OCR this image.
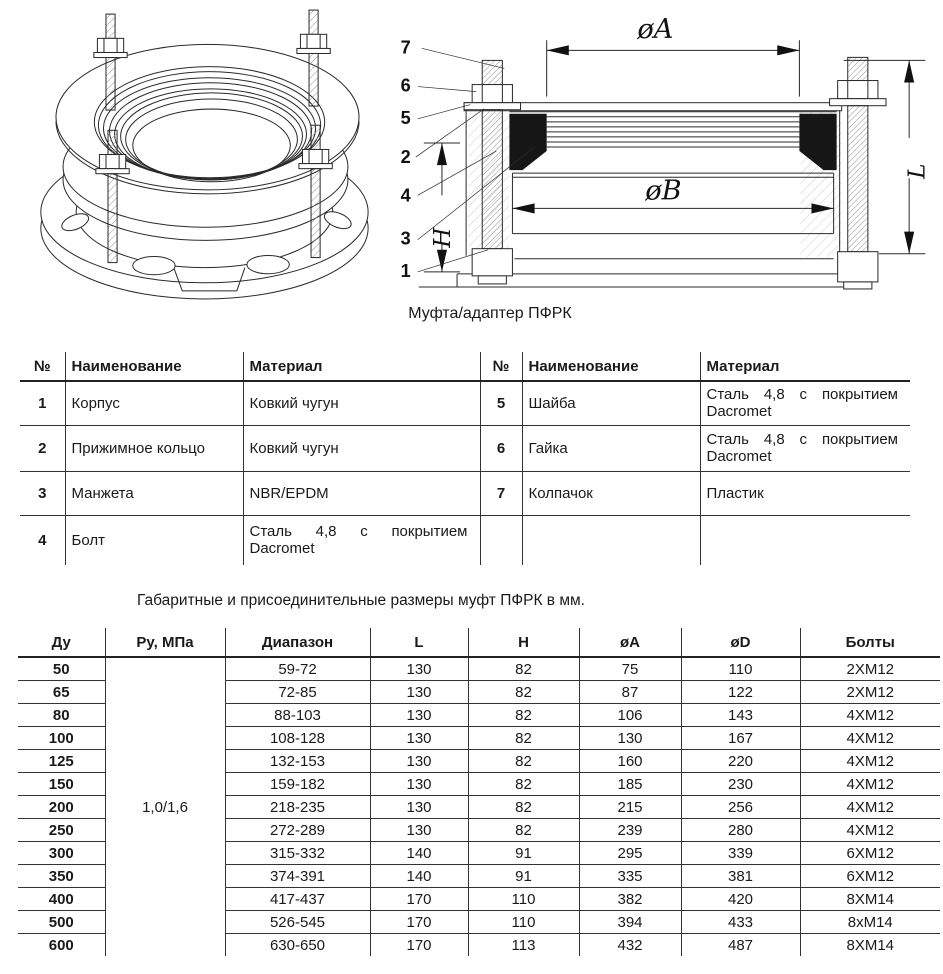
øA
øB
L
H
7
6
5
2
4
3
1
Муфта/адаптер ПФРК
№	Наименование	Материал	№	Наименование	Материал
1	Корпус	Ковкий чугун	5	Шайба	Сталь 4,8 с покрытием Dacromet
2	Прижимное кольцо	Ковкий чугун	6	Гайка	Сталь 4,8 с покрытием Dacromet
3	Манжета	NBR/EPDM	7	Колпачок	Пластик
4	Болт	Сталь 4,8 с покрытием Dacromet			
Габаритные и присоединительные размеры муфт ПФРК в мм.
Ду	Ру, МПа	Диапазон	L	H	øA	øD	Болты
50	1,0/1,6	59-72	130	82	75	110	2ХМ12
65		72-85	130	82	87	122	2ХМ12
80		88-103	130	82	106	143	4ХМ12
100		108-128	130	82	130	167	4ХМ12
125		132-153	130	82	160	220	4ХМ12
150		159-182	130	82	185	230	4ХМ12
200		218-235	130	82	215	256	4ХМ12
250		272-289	130	82	239	280	4ХМ12
300		315-332	140	91	295	339	6ХМ12
350		374-391	140	91	335	381	6ХМ12
400		417-437	170	110	382	420	8ХМ14
500		526-545	170	110	394	433	8хМ14
600		630-650	170	113	432	487	8ХМ14
